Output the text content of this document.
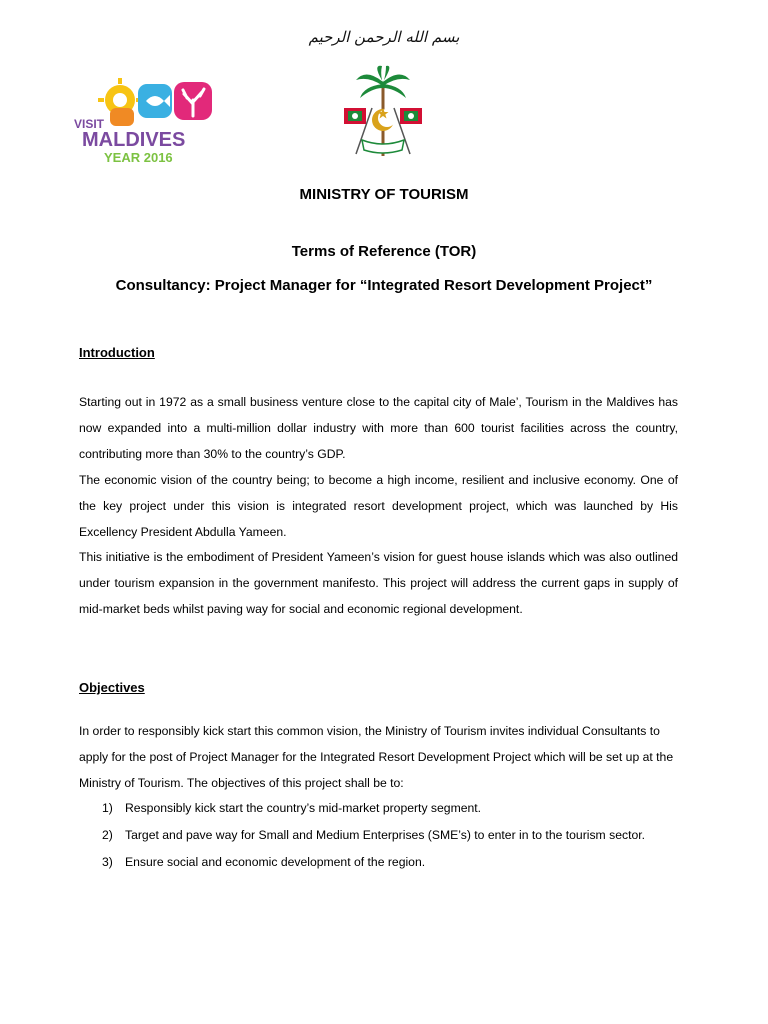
بسم الله الرحمن الرحيم
VISIT
MALDIVES
YEAR 2016
MINISTRY OF TOURISM
Terms of Reference (TOR)
Consultancy: Project Manager for “Integrated Resort Development Project”
Introduction
Starting out in 1972 as a small business venture close to the capital city of Male’, Tourism in the Maldives has now expanded into a multi-million dollar industry with more than 600 tourist facilities across the country, contributing more than 30% to the country’s GDP.
The economic vision of the country being; to become a high income, resilient and inclusive economy. One of the key project under this vision is integrated resort development project, which was launched by His Excellency President Abdulla Yameen.
This initiative is the embodiment of President Yameen’s vision for guest house islands which was also outlined under tourism expansion in the government manifesto. This project will address the current gaps in supply of mid-market beds whilst paving way for social and economic regional development.
Objectives
In order to responsibly kick start this common vision, the Ministry of Tourism invites individual Consultants to apply for the post of Project Manager for the Integrated Resort Development Project which will be set up at the Ministry of Tourism. The objectives of this project shall be to:
1) Responsibly kick start the country’s mid-market property segment.
2) Target and pave way for Small and Medium Enterprises (SME’s) to enter in to the tourism sector.
3) Ensure social and economic development of the region.
